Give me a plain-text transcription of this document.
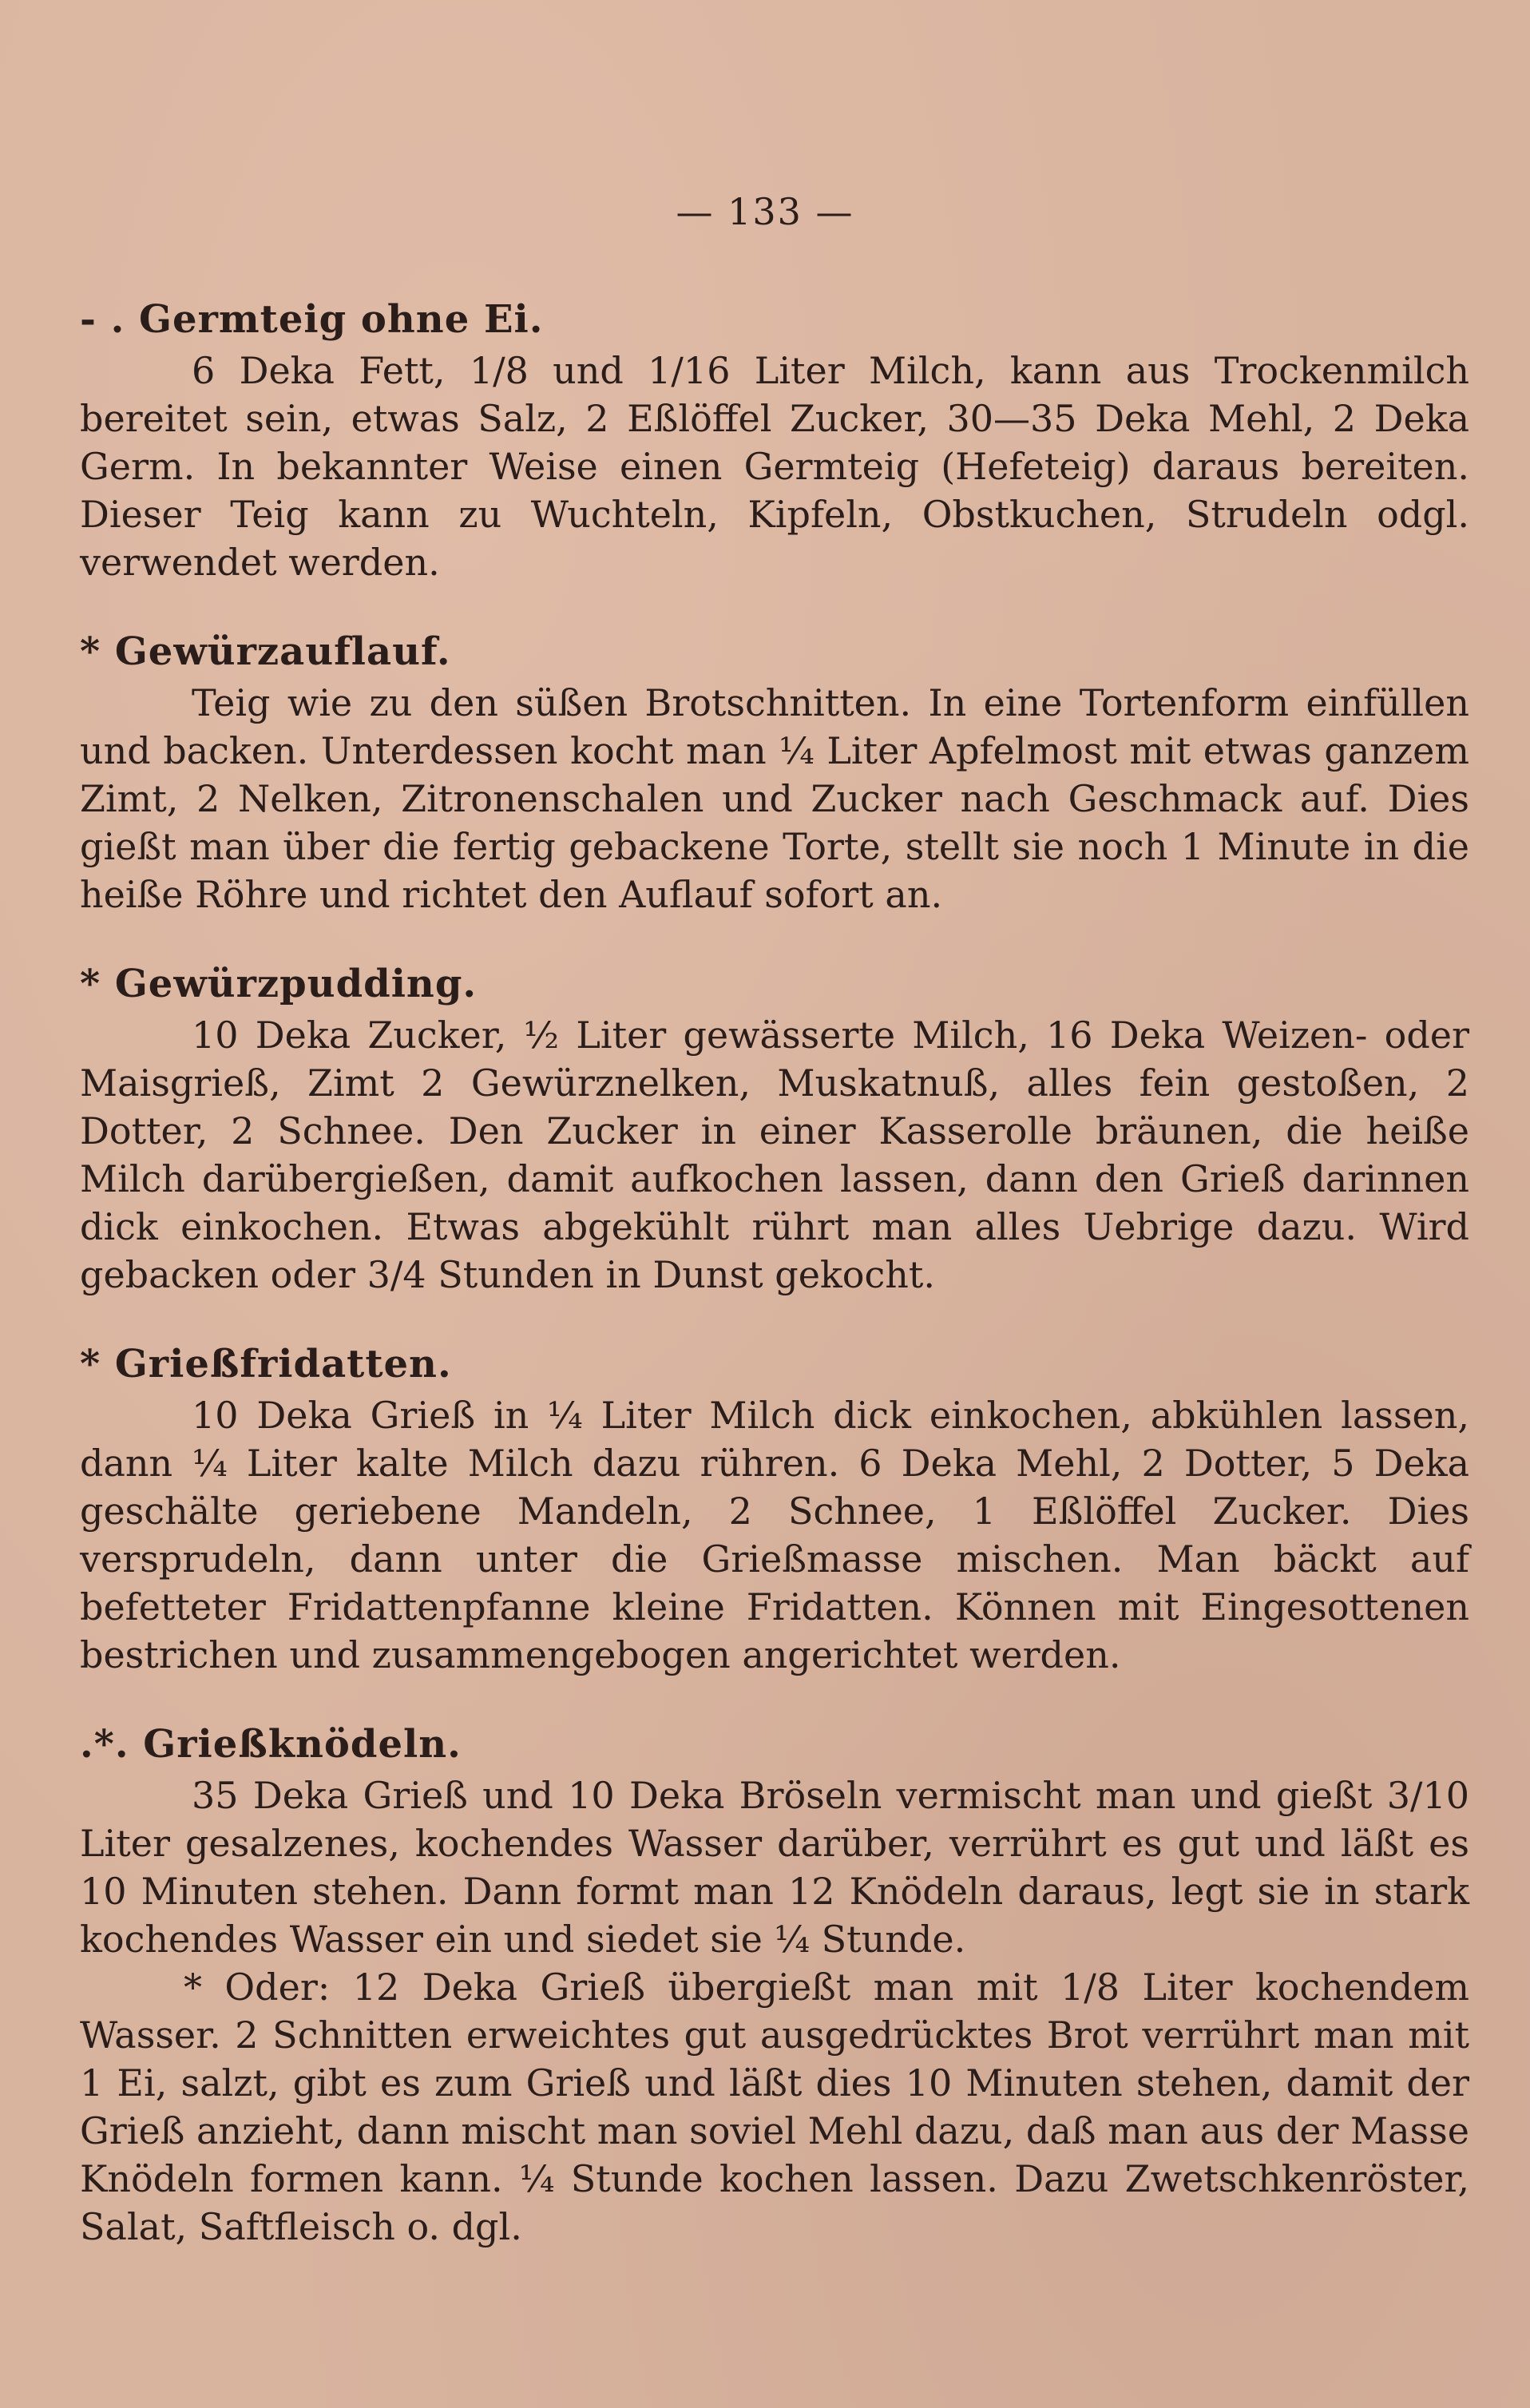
— 133 —
‐ . Germteig ohne Ei.

6 Deka Fett, 1/8 und 1/16 Liter Milch, kann aus Trockenmilch bereitet sein, etwas Salz, 2 Eßlöffel Zucker, 30—35 Deka Mehl, 2 Deka Germ. In bekannter Weise einen Germteig (Hefeteig) daraus bereiten. Dieser Teig kann zu Wuchteln, Kipfeln, Obstkuchen, Strudeln odgl. verwendet werden.

* Gewürzauflauf.

Teig wie zu den süßen Brotschnitten. In eine Tortenform einfüllen und backen. Unterdessen kocht man ¼ Liter Apfelmost mit etwas ganzem Zimt, 2 Nelken, Zitronenschalen und Zucker nach Geschmack auf. Dies gießt man über die fertig gebackene Torte, stellt sie noch 1 Minute in die heiße Röhre und richtet den Auflauf sofort an.

* Gewürzpudding.

10 Deka Zucker, ½ Liter gewässerte Milch, 16 Deka Weizen- oder Maisgrieß, Zimt 2 Gewürznelken, Muskatnuß, alles fein gestoßen, 2 Dotter, 2 Schnee. Den Zucker in einer Kasserolle bräunen, die heiße Milch darübergießen, damit aufkochen lassen, dann den Grieß darinnen dick einkochen. Etwas abgekühlt rührt man alles Uebrige dazu. Wird gebacken oder 3/4 Stunden in Dunst gekocht.

* Grießfridatten.

10 Deka Grieß in ¼ Liter Milch dick einkochen, abkühlen lassen, dann ¼ Liter kalte Milch dazu rühren. 6 Deka Mehl, 2 Dotter, 5 Deka geschälte geriebene Mandeln, 2 Schnee, 1 Eßlöffel Zucker. Dies versprudeln, dann unter die Grießmasse mischen. Man bäckt auf befetteter Fridattenpfanne kleine Fridatten. Können mit Eingesottenen bestrichen und zusammengebogen angerichtet werden.

.*. Grießknödeln.

35 Deka Grieß und 10 Deka Bröseln vermischt man und gießt 3/10 Liter gesalzenes, kochendes Wasser darüber, verrührt es gut und läßt es 10 Minuten stehen. Dann formt man 12 Knödeln daraus, legt sie in stark kochendes Wasser ein und siedet sie ¼ Stunde.

* Oder: 12 Deka Grieß übergießt man mit 1/8 Liter kochendem Wasser. 2 Schnitten erweichtes gut ausgedrücktes Brot verrührt man mit 1 Ei, salzt, gibt es zum Grieß und läßt dies 10 Minuten stehen, damit der Grieß anzieht, dann mischt man soviel Mehl dazu, daß man aus der Masse Knödeln formen kann. ¼ Stunde kochen lassen. Dazu Zwetschkenröster, Salat, Saftfleisch o. dgl.
